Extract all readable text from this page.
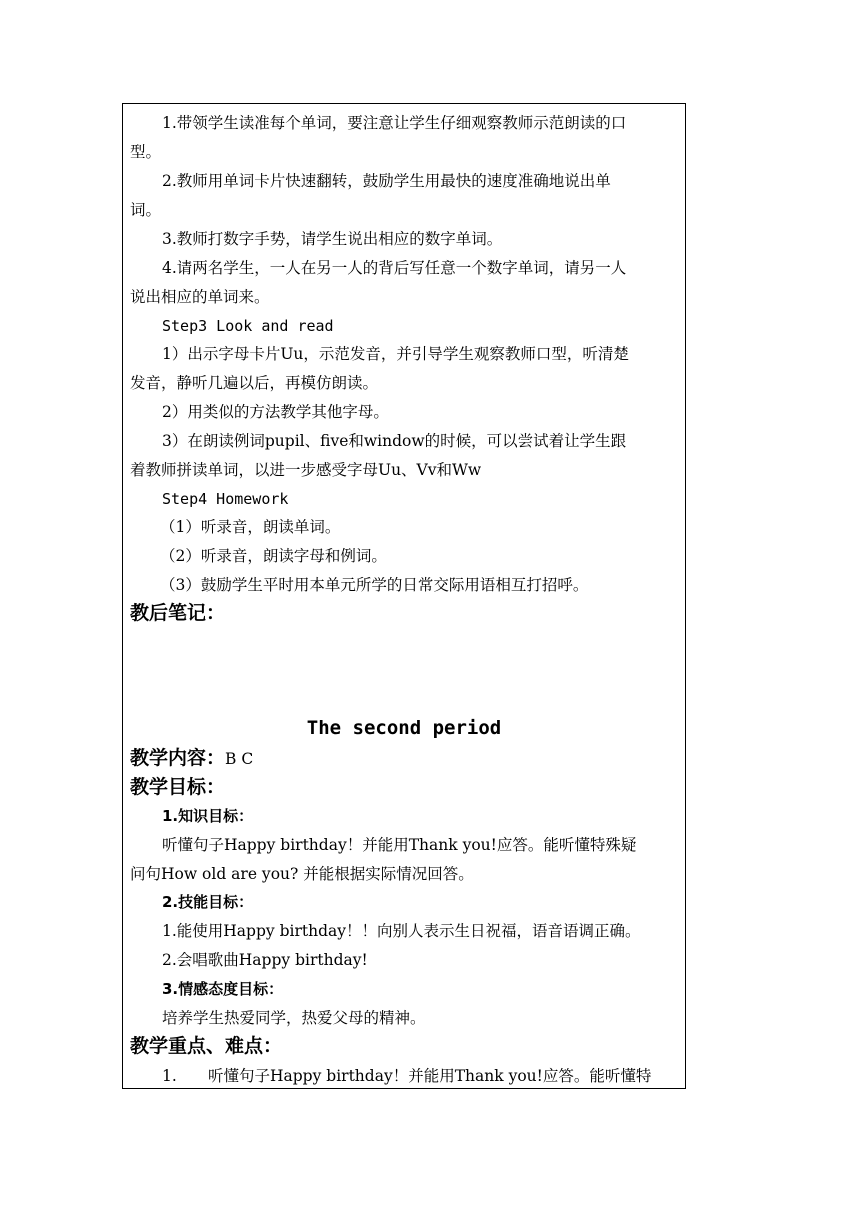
1.带领学生读准每个单词，要注意让学生仔细观察教师示范朗读的口
型。
2.教师用单词卡片快速翻转，鼓励学生用最快的速度准确地说出单
词。
3.教师打数字手势，请学生说出相应的数字单词。
4.请两名学生，一人在另一人的背后写任意一个数字单词，请另一人
说出相应的单词来。
Step3 Look and read
1）出示字母卡片Uu，示范发音，并引导学生观察教师口型，听清楚
发音，静听几遍以后，再模仿朗读。
2）用类似的方法教学其他字母。
3）在朗读例词pupil、five和window的时候，可以尝试着让学生跟
着教师拼读单词，以进一步感受字母Uu、Vv和Ww
Step4 Homework
（1）听录音，朗读单词。
（2）听录音，朗读字母和例词。
（3）鼓励学生平时用本单元所学的日常交际用语相互打招呼。
教后笔记：
The second period
教学内容：B C
教学目标：
1.知识目标：
听懂句子Happy birthday！并能用Thank you!应答。能听懂特殊疑
问句How old are you? 并能根据实际情况回答。
2.技能目标：
1.能使用Happy birthday！！向别人表示生日祝福，语音语调正确。
2.会唱歌曲Happy birthday!
3.情感态度目标：
培养学生热爱同学，热爱父母的精神。
教学重点、难点：
1. 听懂句子Happy birthday！并能用Thank you!应答。能听懂特
